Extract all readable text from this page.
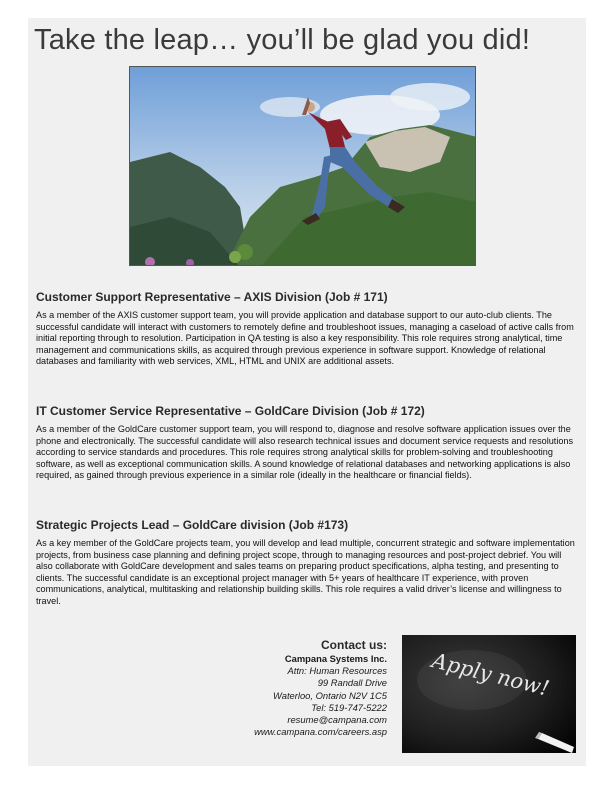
Take the leap… you’ll be glad you did!
Customer Support Representative – AXIS Division (Job # 171)

As a member of the AXIS customer support team, you will provide application and database support to our auto-club clients. The successful candidate will interact with customers to remotely define and troubleshoot issues, managing a caseload of active calls from initial reporting through to resolution. Participation in QA testing is also a key responsibility. This role requires strong analytical, time management and communications skills, as acquired through previous experience in software support. Knowledge of relational databases and familiarity with web services, XML, HTML and UNIX are additional assets.

IT Customer Service Representative – GoldCare Division (Job # 172)

As a member of the GoldCare customer support team, you will respond to, diagnose and resolve software application issues over the phone and electronically. The successful candidate will also research technical issues and document service requests and resolutions according to service standards and procedures. This role requires strong analytical skills for problem-solving and troubleshooting software, as well as exceptional communication skills. A sound knowledge of relational databases and networking applications is also required, as gained through previous experience in a similar role (ideally in the healthcare or financial fields).

Strategic Projects Lead – GoldCare division (Job #173)

As a key member of the GoldCare projects team, you will develop and lead multiple, concurrent strategic and software implementation projects, from business case planning and defining project scope, through to managing resources and post-project debrief. You will also collaborate with GoldCare development and sales teams on preparing product specifications, alpha testing, and presenting to clients. The successful candidate is an exceptional project manager with 5+ years of healthcare IT experience, with proven communications, analytical, multitasking and relationship building skills. This role requires a valid driver’s license and willingness to travel.

Contact us:
Campana Systems Inc.
Attn: Human Resources
99 Randall Drive
Waterloo, Ontario N2V 1C5
Tel: 519-747-5222
resume@campana.com
www.campana.com/careers.asp
Apply now!
